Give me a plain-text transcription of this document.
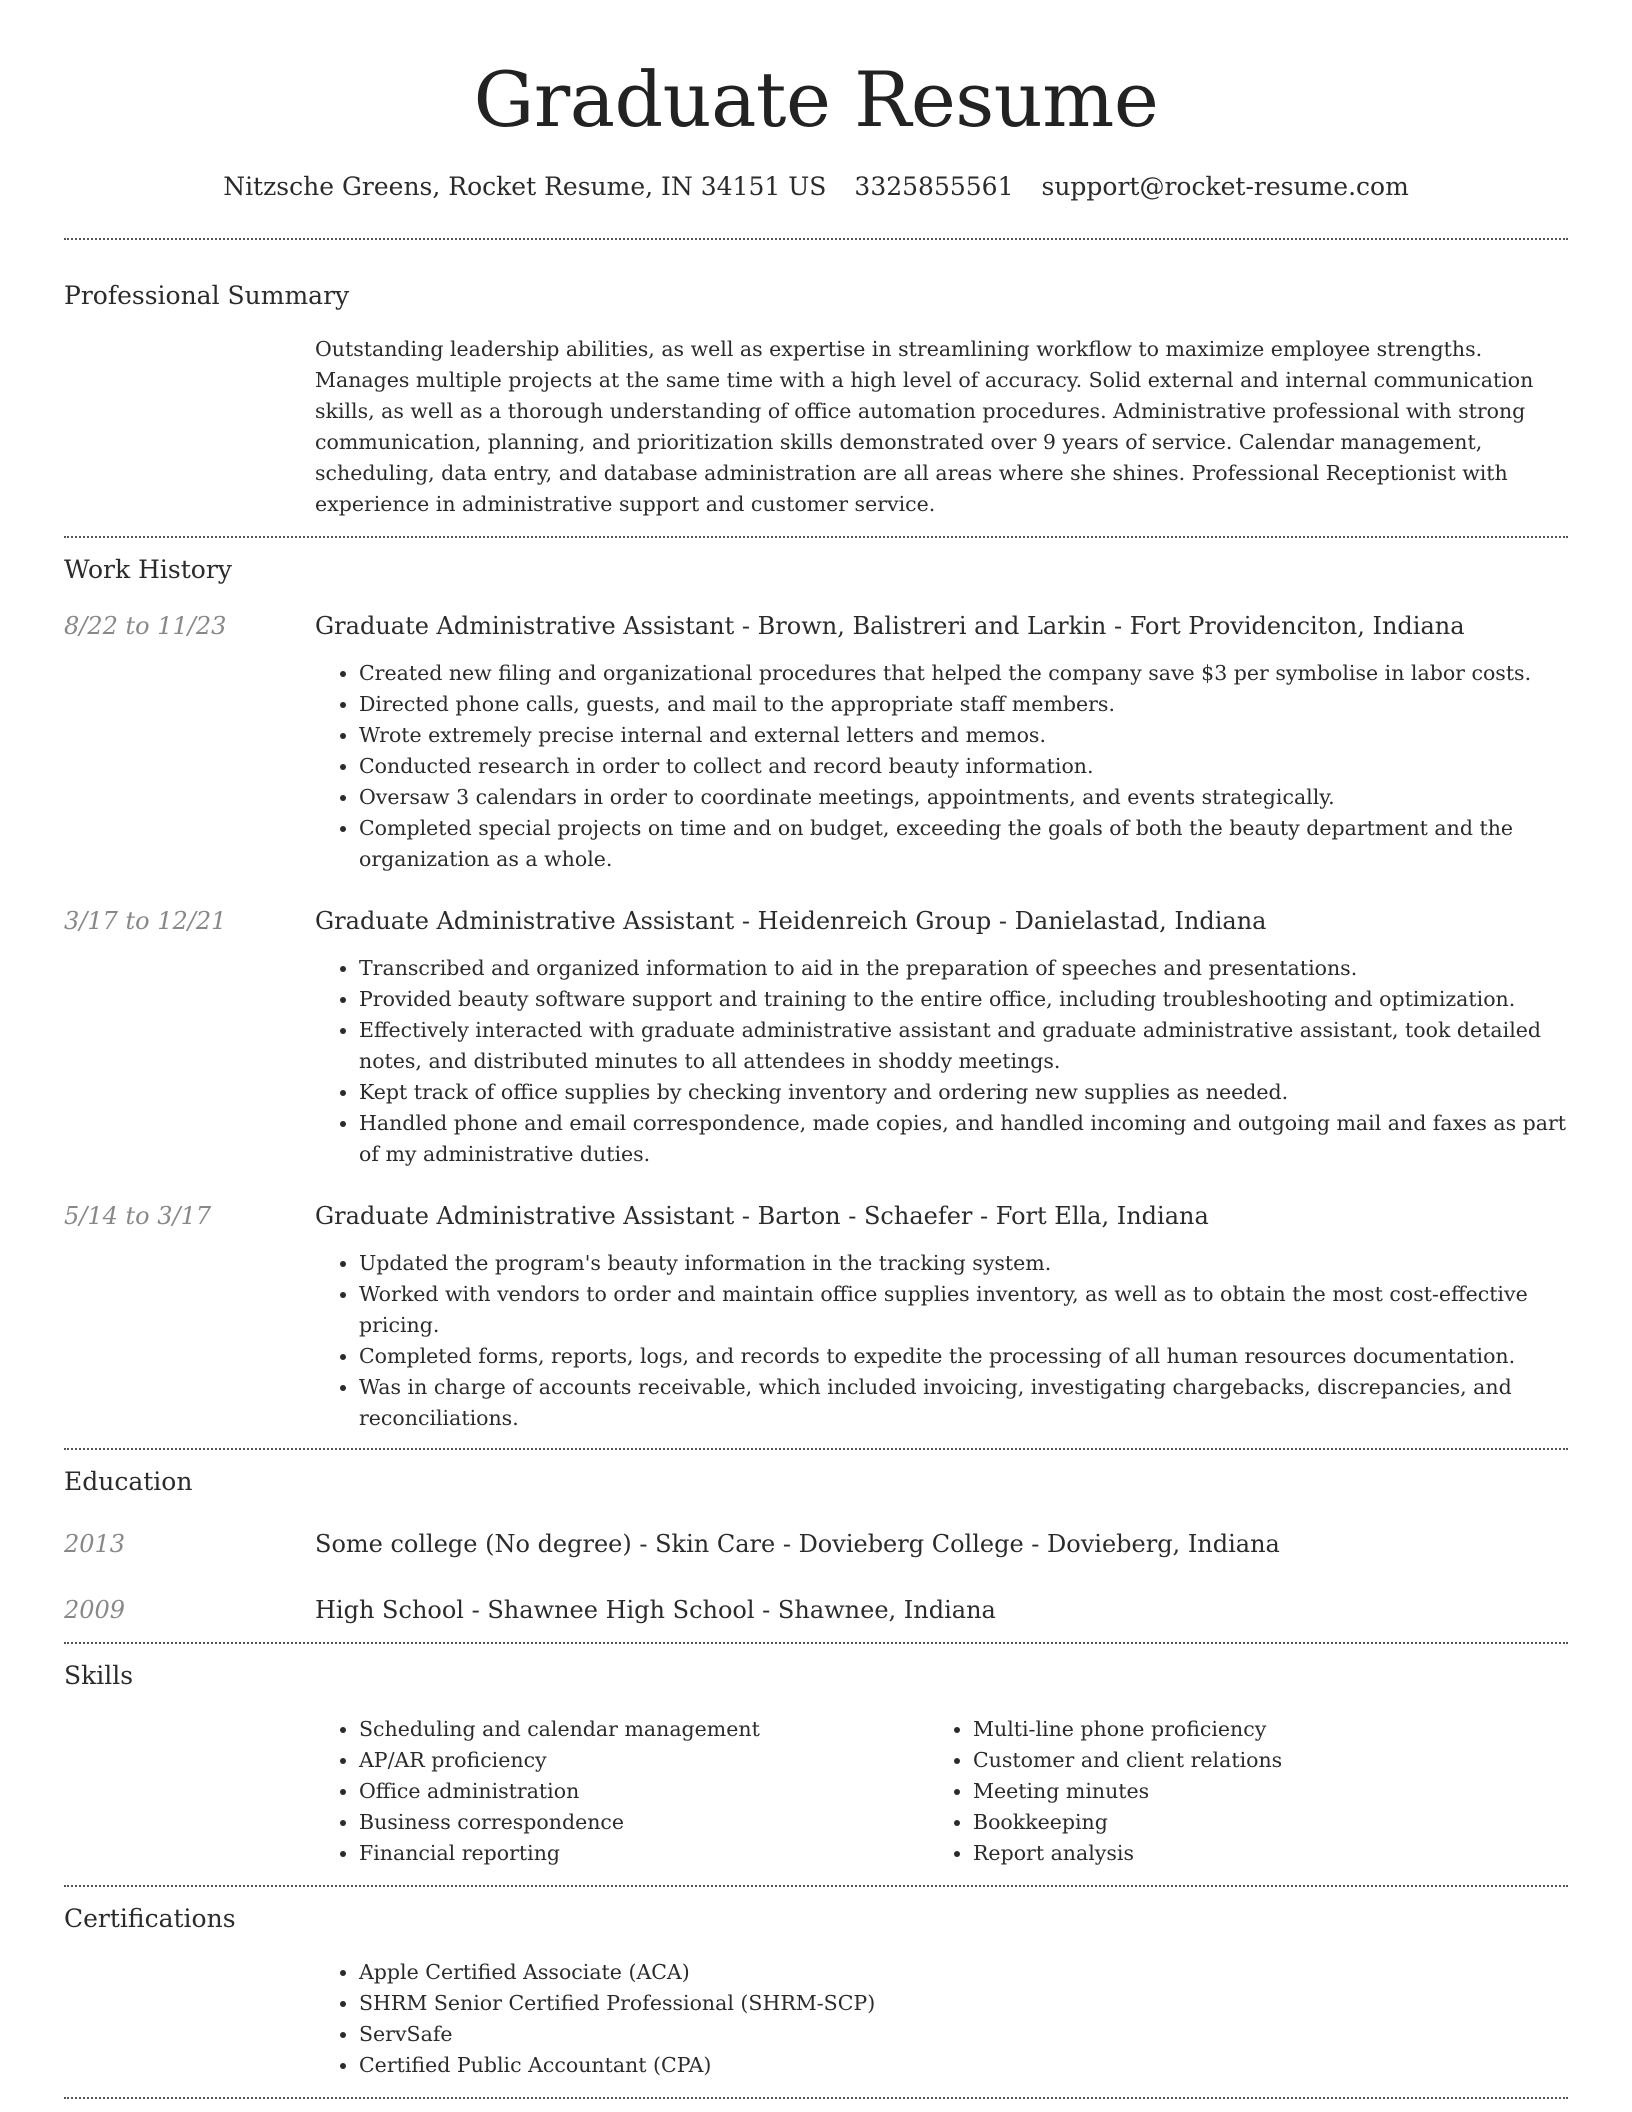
Graduate Resume
Nitzsche Greens, Rocket Resume, IN 34151 US 3325855561 support@rocket-resume.com
Professional Summary

Outstanding leadership abilities, as well as expertise in streamlining workflow to maximize employee strengths. Manages multiple projects at the same time with a high level of accuracy. Solid external and internal communication skills, as well as a thorough understanding of office automation procedures. Administrative professional with strong communication, planning, and prioritization skills demonstrated over 9 years of service. Calendar management, scheduling, data entry, and database administration are all areas where she shines. Professional Receptionist with experience in administrative support and customer service.

Work History
8/22 to 11/23	Graduate Administrative Assistant - Brown, Balistreri and Larkin - Fort Providenciton, Indiana
• Created new filing and organizational procedures that helped the company save $3 per symbolise in labor costs.
• Directed phone calls, guests, and mail to the appropriate staff members.
• Wrote extremely precise internal and external letters and memos.
• Conducted research in order to collect and record beauty information.
• Oversaw 3 calendars in order to coordinate meetings, appointments, and events strategically.
• Completed special projects on time and on budget, exceeding the goals of both the beauty department and the organization as a whole.
3/17 to 12/21	Graduate Administrative Assistant - Heidenreich Group - Danielastad, Indiana
• Transcribed and organized information to aid in the preparation of speeches and presentations.
• Provided beauty software support and training to the entire office, including troubleshooting and optimization.
• Effectively interacted with graduate administrative assistant and graduate administrative assistant, took detailed notes, and distributed minutes to all attendees in shoddy meetings.
• Kept track of office supplies by checking inventory and ordering new supplies as needed.
• Handled phone and email correspondence, made copies, and handled incoming and outgoing mail and faxes as part of my administrative duties.
5/14 to 3/17	Graduate Administrative Assistant - Barton - Schaefer - Fort Ella, Indiana
• Updated the program's beauty information in the tracking system.
• Worked with vendors to order and maintain office supplies inventory, as well as to obtain the most cost-effective pricing.
• Completed forms, reports, logs, and records to expedite the processing of all human resources documentation.
• Was in charge of accounts receivable, which included invoicing, investigating chargebacks, discrepancies, and reconciliations.
Education
2013	Some college (No degree) - Skin Care - Dovieberg College - Dovieberg, Indiana
2009	High School - Shawnee High School - Shawnee, Indiana
Skills
• Scheduling and calendar management
• AP/AR proficiency
• Office administration
• Business correspondence
• Financial reporting
• Multi-line phone proficiency
• Customer and client relations
• Meeting minutes
• Bookkeeping
• Report analysis
Certifications
• Apple Certified Associate (ACA)
• SHRM Senior Certified Professional (SHRM-SCP)
• ServSafe
• Certified Public Accountant (CPA)
